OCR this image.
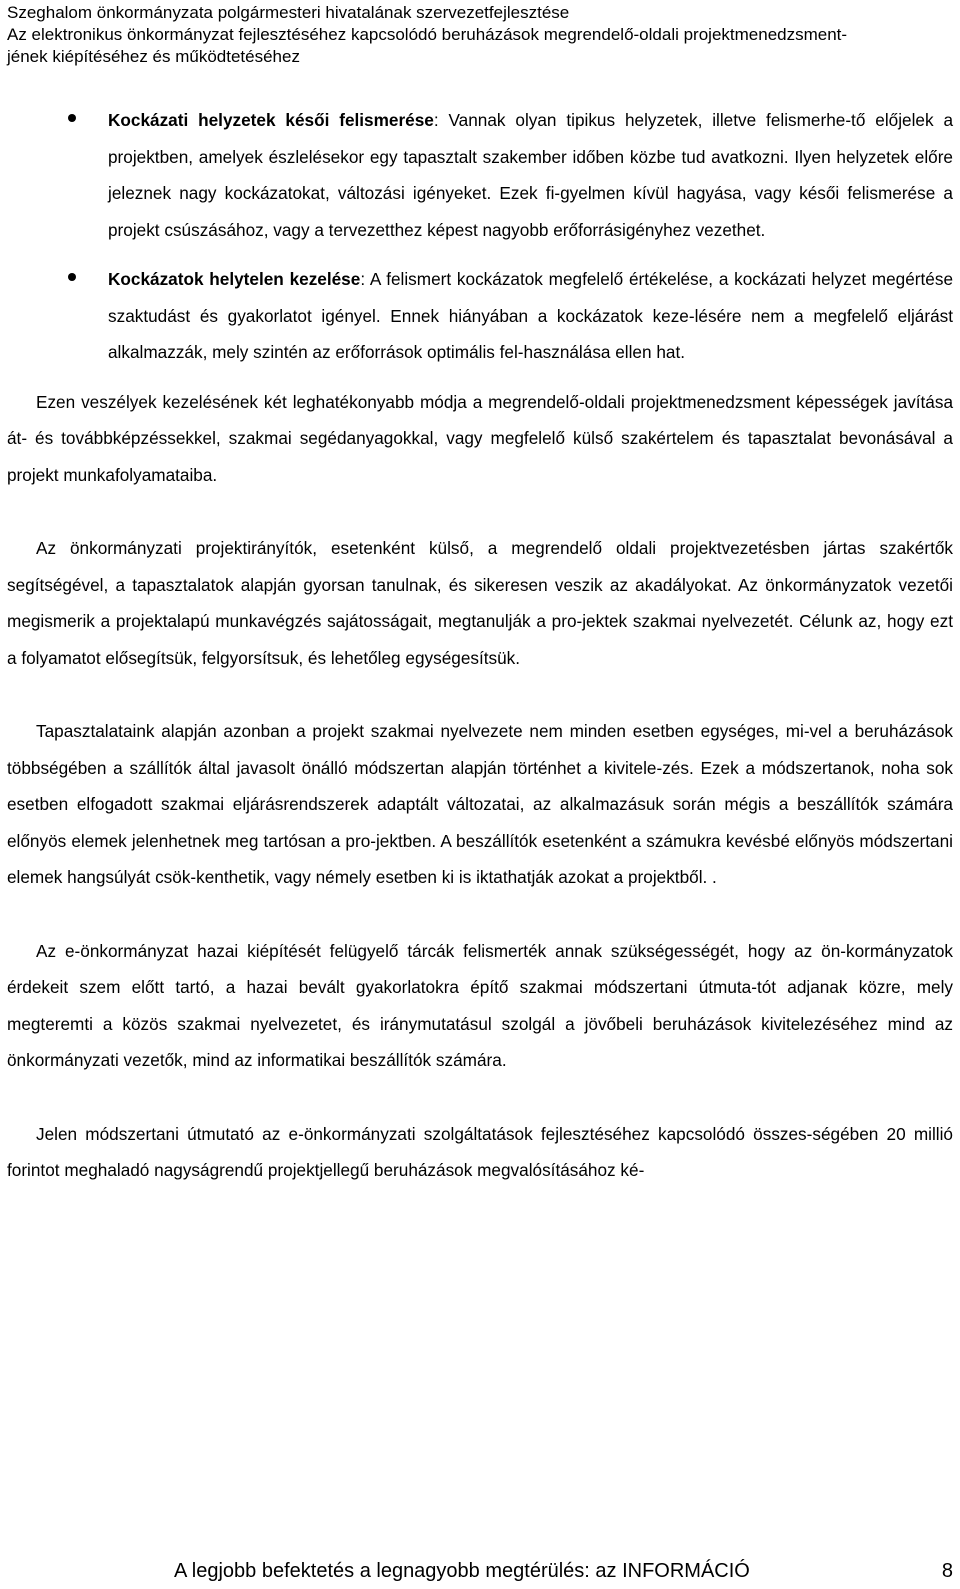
Szeghalom önkormányzata polgármesteri hivatalának szervezetfejlesztése
Az elektronikus önkormányzat fejlesztéséhez kapcsolódó beruházások megrendelő-oldali projektmenedzsment-
jének kiépítéséhez és működtetéséhez
Kockázati helyzetek késői felismerése: Vannak olyan tipikus helyzetek, illetve felismerhe-tő előjelek a projektben, amelyek észlelésekor egy tapasztalt szakember időben közbe tud avatkozni. Ilyen helyzetek előre jeleznek nagy kockázatokat, változási igényeket. Ezek fi-gyelmen kívül hagyása, vagy késői felismerése a projekt csúszásához, vagy a tervezetthez képest nagyobb erőforrásigényhez vezethet.
Kockázatok helytelen kezelése: A felismert kockázatok megfelelő értékelése, a kockázati helyzet megértése szaktudást és gyakorlatot igényel. Ennek hiányában a kockázatok keze-lésére nem a megfelelő eljárást alkalmazzák, mely szintén az erőforrások optimális fel-használása ellen hat.

Ezen veszélyek kezelésének két leghatékonyabb módja a megrendelő-oldali projektmenedzsment képességek javítása át- és továbbképzéssekkel, szakmai segédanyagokkal, vagy megfelelő külső szakértelem és tapasztalat bevonásával a projekt munkafolyamataiba.

Az önkormányzati projektirányítók, esetenként külső, a megrendelő oldali projektvezetésben jártas szakértők segítségével, a tapasztalatok alapján gyorsan tanulnak, és sikeresen veszik az akadályokat. Az önkormányzatok vezetői megismerik a projektalapú munkavégzés sajátosságait, megtanulják a pro-jektek szakmai nyelvezetét. Célunk az, hogy ezt a folyamatot elősegítsük, felgyorsítsuk, és lehetőleg egységesítsük.

Tapasztalataink alapján azonban a projekt szakmai nyelvezete nem minden esetben egységes, mi-vel a beruházások többségében a szállítók által javasolt önálló módszertan alapján történhet a kivitele-zés. Ezek a módszertanok, noha sok esetben elfogadott szakmai eljárásrendszerek adaptált változatai, az alkalmazásuk során mégis a beszállítók számára előnyös elemek jelenhetnek meg tartósan a pro-jektben. A beszállítók esetenként a számukra kevésbé előnyös módszertani elemek hangsúlyát csök-kenthetik, vagy némely esetben ki is iktathatják azokat a projektből. .

Az e-önkormányzat hazai kiépítését felügyelő tárcák felismerték annak szükségességét, hogy az ön-kormányzatok érdekeit szem előtt tartó, a hazai bevált gyakorlatokra építő szakmai módszertani útmuta-tót adjanak közre, mely megteremti a közös szakmai nyelvezetet, és iránymutatásul szolgál a jövőbeli beruházások kivitelezéséhez mind az önkormányzati vezetők, mind az informatikai beszállítók számára.

Jelen módszertani útmutató az e-önkormányzati szolgáltatások fejlesztéséhez kapcsolódó összes-ségében 20 millió forintot meghaladó nagyságrendű projektjellegű beruházások megvalósításához ké-

A legjobb befektetés a legnagyobb megtérülés: az INFORMÁCIÓ	8
